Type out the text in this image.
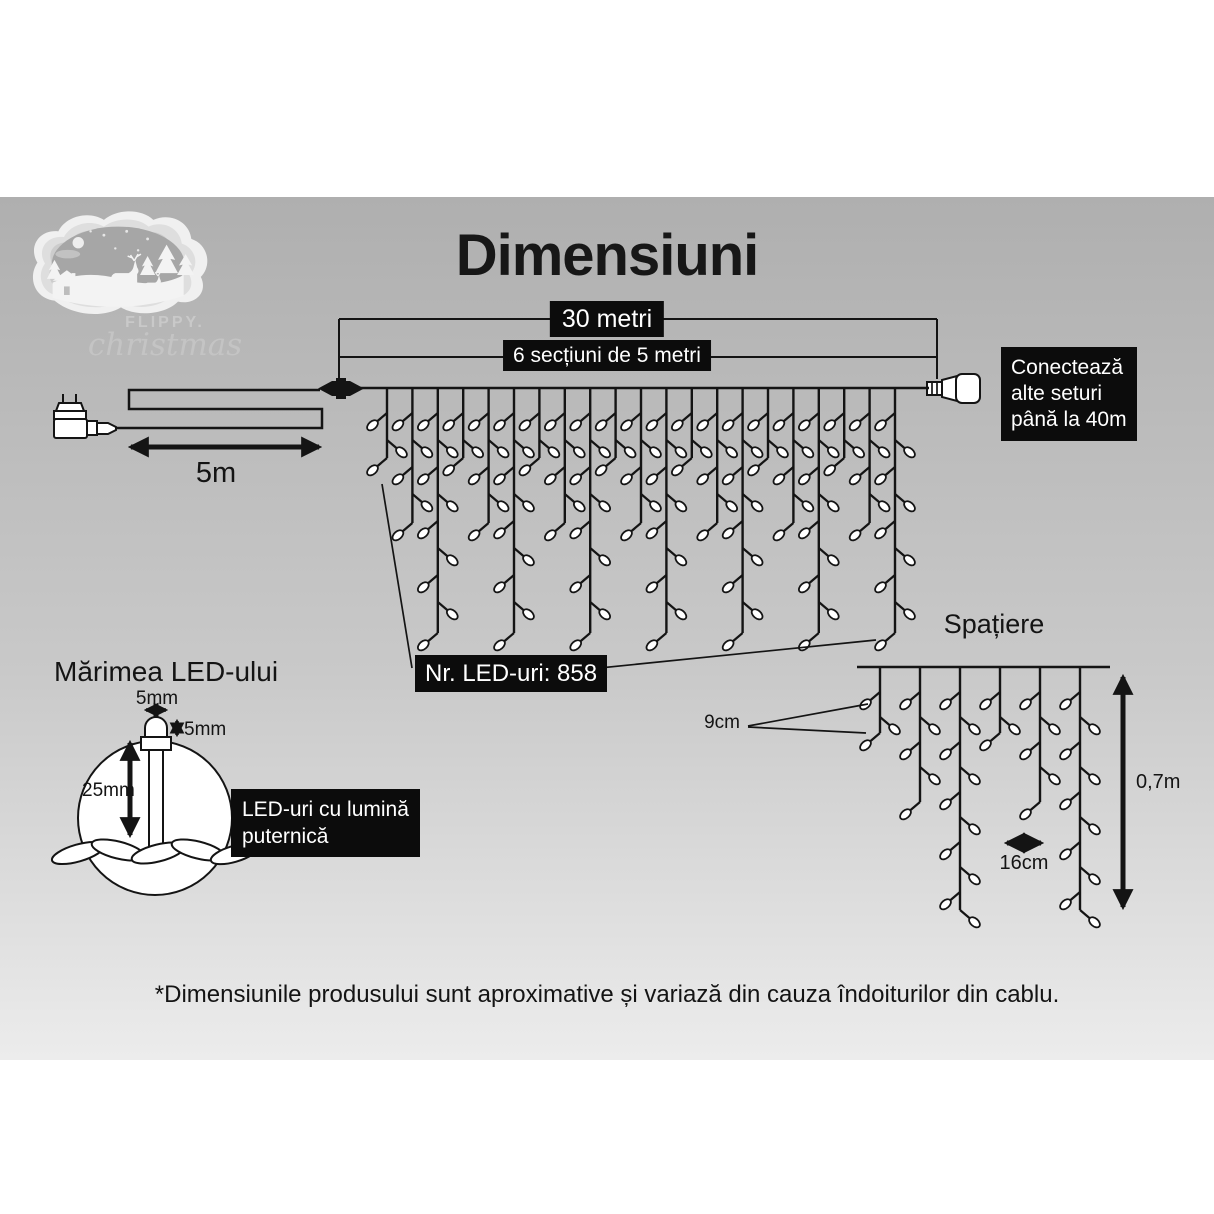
Dimensiuni
FLIPPY.
christmas
30 metri
6 secțiuni de 5 metri
Conectează
alte seturi
până la 40m
5m
Nr. LED-uri: 858
Spațiere
9cm
16cm
0,7m
Mărimea LED-ului
5mm
5mm
25mm
LED-uri cu lumină
puternică
*Dimensiunile produsului sunt aproximative și variază din cauza îndoiturilor din cablu.
